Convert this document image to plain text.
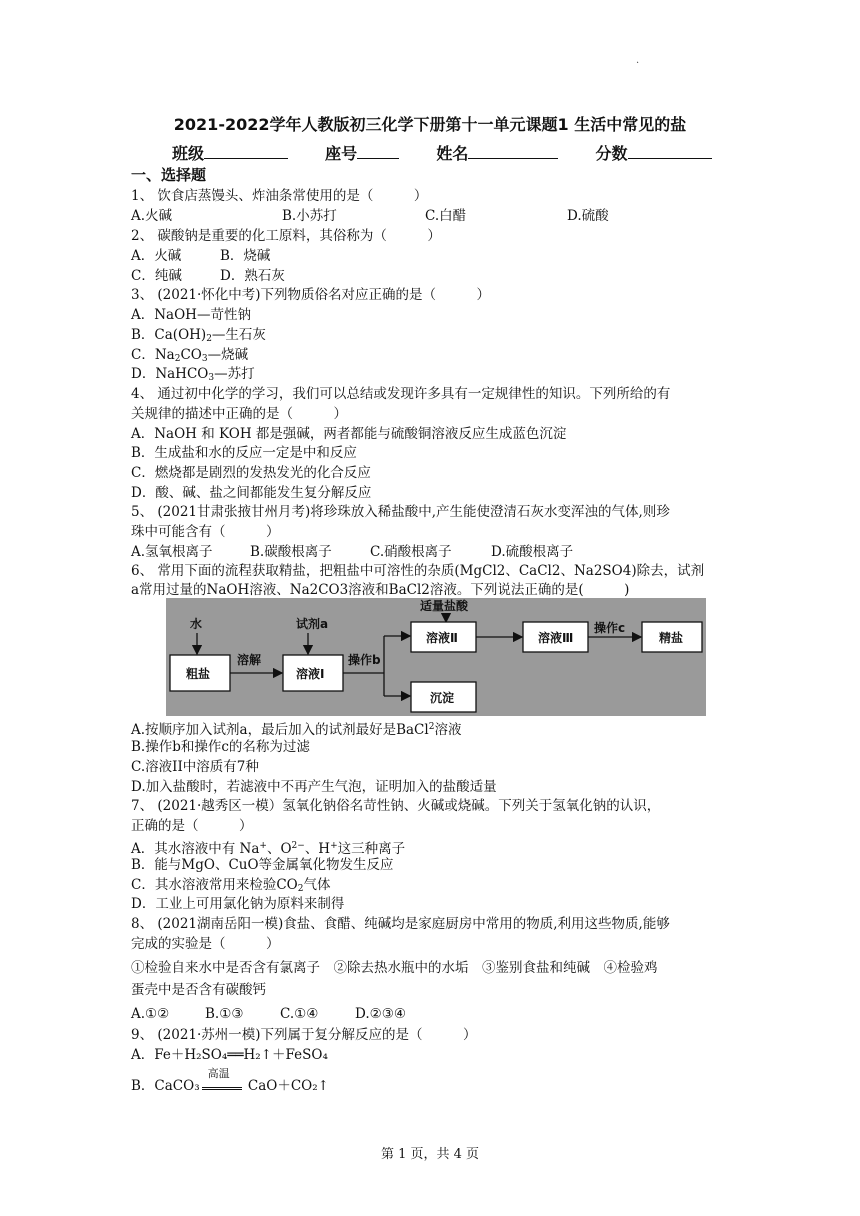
·
2021-2022学年人教版初三化学下册第十一单元课题1 生活中常见的盐
班级	座号	姓名	分数
一、选择题
1、 饮食店蒸馒头、炸油条常使用的是（　　　）
A.火碱	B.小苏打	C.白醋	D.硫酸
2、 碳酸钠是重要的化工原料，其俗称为（　　　）
A．火碱	B．烧碱
C．纯碱	D．熟石灰
3、 (2021·怀化中考)下列物质俗名对应正确的是（　　　）
A．NaOH—苛性钠
B．$Ca(OH)_2—$生石灰
C．$Na_2CO_3—$烧碱
D．NaHCO$_3$—苏打
4、 通过初中化学的学习，我们可以总结或发现许多具有一定规律性的知识。下列所给的有
关规律的描述中正确的是（　　　）
A．NaOH 和 KOH 都是强碱，两者都能与硫酸铜溶液反应生成蓝色沉淀
B．生成盐和水的反应一定是中和反应
C．燃烧都是剧烈的发热发光的化合反应
D．酸、碱、盐之间都能发生复分解反应
5、 (2021甘肃张掖甘州月考)将珍珠放入稀盐酸中,产生能使澄清石灰水变浑浊的气体,则珍
珠中可能含有（　　　）
A.氢氧根离子	B.碳酸根离子	C.硝酸根离子	D.硫酸根离子
6、 常用下面的流程获取精盐，把粗盐中可溶性的杂质(MgCl2、CaCl2、Na2SO4)除去，试剂
a常用过量的NaOH溶液、Na2CO3溶液和BaCl2溶液。下列说法正确的是(　　　)
水
粗盐
溶解
试剂a
溶液I
操作b
适量盐酸
溶液Ⅱ	溶液Ⅲ
操作c
精盐
沉淀
A.按顺序加入试剂a，最后加入的试剂最好是BaCl$^2$溶液
B.操作b和操作c的名称为过滤
C.溶液II中溶质有7种
D.加入盐酸时，若滤液中不再产生气泡，证明加入的盐酸适量
7、 (2021·越秀区一模）氢氧化钠俗名苛性钠、火碱或烧碱。下列关于氢氧化钠的认识，
正确的是（　　　）
A．其水溶液中有 Na+、$O^{2-}$、H+这三种离子
B．能与MgO、CuO等金属氧化物发生反应
C．其水溶液常用来检验$CO_2$气体
D．工业上可用氯化钠为原料来制得
8、 (2021湖南岳阳一模)食盐、食醋、纯碱均是家庭厨房中常用的物质,利用这些物质,能够
完成的实验是（　　　）
①检验自来水中是否含有氯离子　②除去热水瓶中的水垢　③鉴别食盐和纯碱　④检验鸡
蛋壳中是否含有碳酸钙
A.①②	B.①③	C.①④	D.②③④
9、 (2021·苏州一模)下列属于复分解反应的是（　　　）
A．Fe＋H₂SO₄══H₂↑＋FeSO₄
B．CaCO₃
高温
CaO＋CO₂↑
第 1 页，共 4 页
